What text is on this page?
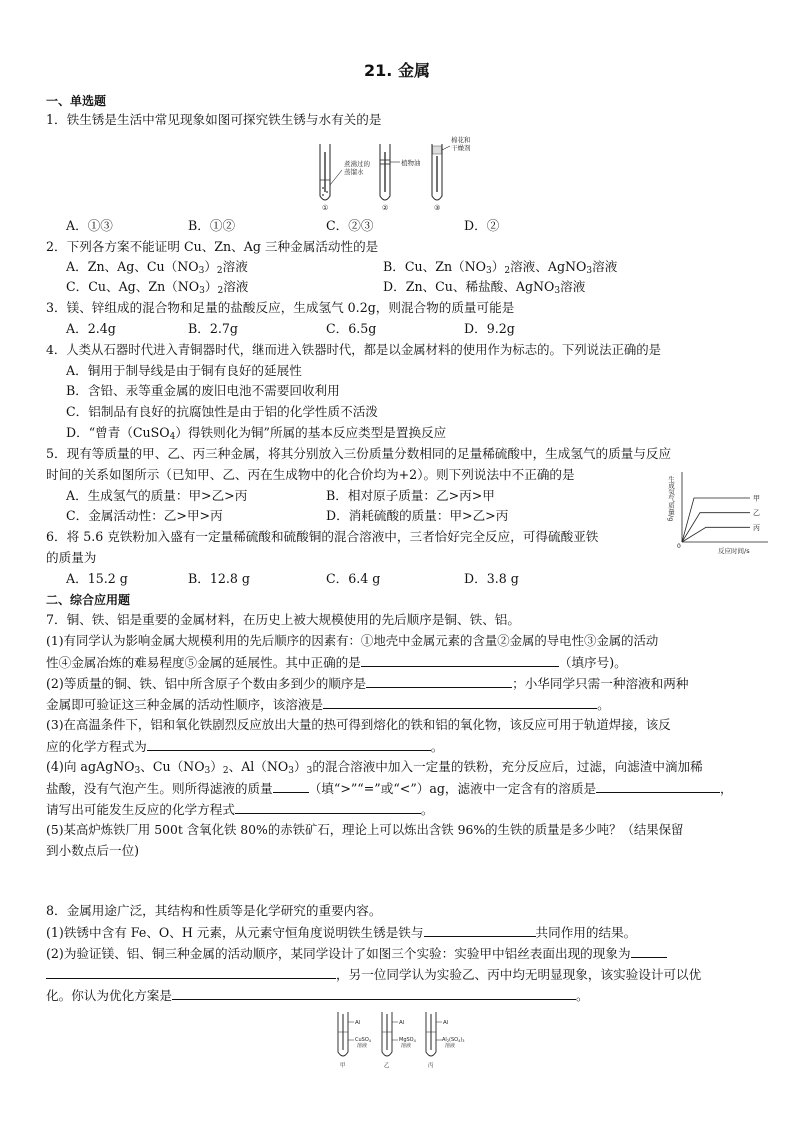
21. 金属
一、单选题
1．铁生锈是生活中常见现象如图可探究铁生锈与水有关的是
煮沸过的
蒸馏水
①
植物油
②
棉花和
干燥剂
③
A．①③	B．①②	C．②③	D．②
2．下列各方案不能证明 Cu、Zn、Ag 三种金属活动性的是
A．Zn、Ag、$Cu(NO_3)_2$溶液	B．Cu、$Zn(NO_3)_2$溶液、AgNO$_3$溶液
C．Cu、Ag、$Zn(NO_3)_2$溶液	D．Zn、Cu、稀盐酸、AgNO$_3$溶液
3．镁、锌组成的混合物和足量的盐酸反应，生成氢气 0.2g，则混合物的质量可能是
A．2.4g	B．2.7g	C．6.5g	D．9.2g
4．人类从石器时代进入青铜器时代，继而进入铁器时代，都是以金属材料的使用作为标志的。下列说法正确的是
A．铜用于制导线是由于铜有良好的延展性
B．含铅、汞等重金属的废旧电池不需要回收利用
C．铝制品有良好的抗腐蚀性是由于铝的化学性质不活泼
D．“曾青（CuSO$_4$）得铁则化为铜”所属的基本反应类型是置换反应
5．现有等质量的甲、乙、丙三种金属，将其分别放入三份质量分数相同的足量稀硫酸中，生成氢气的质量与反应
时间的关系如图所示（已知甲、乙、丙在生成物中的化合价均为+2）。则下列说法中不正确的是
A．生成氢气的质量：甲>乙>丙	B．相对原子质量：乙>丙>甲
C．金属活动性：乙>甲>丙	D．消耗硫酸的质量：甲>乙>丙	生成氢气质量/g
0
反应时间/s
甲
乙
丙
6．将 5.6 克铁粉加入盛有一定量稀硫酸和硫酸铜的混合溶液中，三者恰好完全反应，可得硫酸亚铁
的质量为
A．15.2 g	B．12.8 g	C．6.4 g	D．3.8 g
二、综合应用题
7．铜、铁、铝是重要的金属材料，在历史上被大规模使用的先后顺序是铜、铁、铝。
(1)有同学认为影响金属大规模利用的先后顺序的因素有：①地壳中金属元素的含量②金属的导电性③金属的活动
性④金属冶炼的难易程度⑤金属的延展性。其中正确的是	（填序号)。
(2)等质量的铜、铁、铝中所含原子个数由多到少的顺序是	；小华同学只需一种溶液和两种
金属即可验证这三种金属的活动性顺序，该溶液是	。
(3)在高温条件下，铝和氧化铁剧烈反应放出大量的热可得到熔化的铁和铝的氧化物，该反应可用于轨道焊接，该反
应的化学方程式为	。
(4)向 agAgNO$_3$、$Cu(NO_3)_2$、$Al(NO_3)_3$的混合溶液中加入一定量的铁粉，充分反应后，过滤，向滤渣中滴加稀
盐酸，没有气泡产生。则所得滤液的质量	（填“>”“=”或“<”）ag，滤液中一定含有的溶质是	，
请写出可能发生反应的化学方程式	。
(5)某高炉炼铁厂用 500t 含氧化铁 80%的赤铁矿石，理论上可以炼出含铁 96%的生铁的质量是多少吨？（结果保留
到小数点后一位)
8．金属用途广泛，其结构和性质等是化学研究的重要内容。
(1)铁锈中含有 Fe、O、H 元素，从元素守恒角度说明铁生锈是铁与	共同作用的结果。
(2)为验证镁、铝、铜三种金属的活动顺序，某同学设计了如图三个实验：实验甲中铝丝表面出现的现象为
，另一位同学认为实验乙、丙中均无明显现象，该实验设计可以优
化。你认为优化方案是	。
Al
CuSO$_4$
溶液
甲
Al
MgSO$_4$
溶液
乙
Al
$Al_2(SO_4)_3$
溶液
丙
